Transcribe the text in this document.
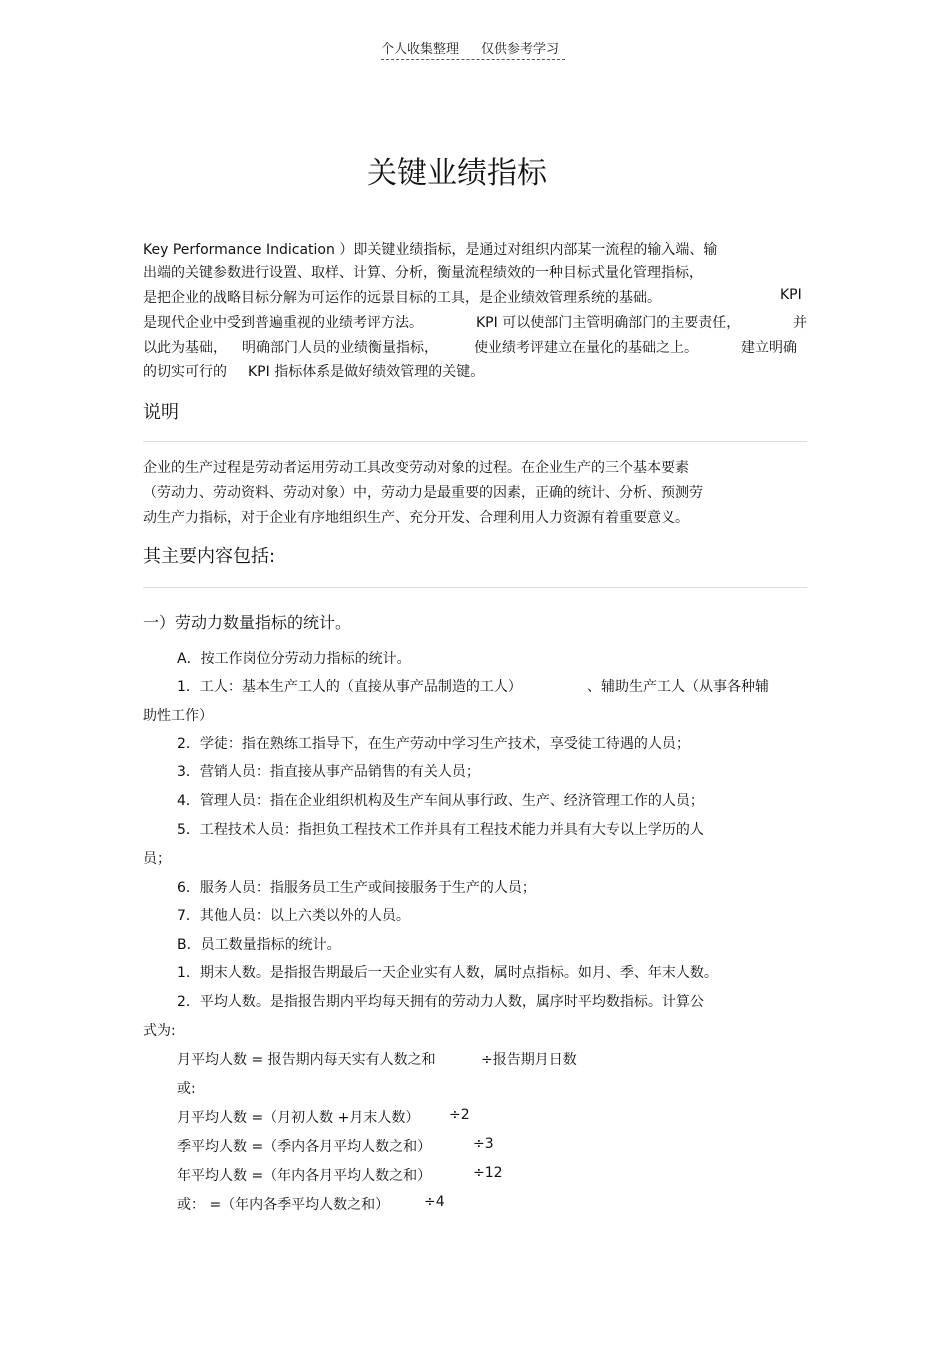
个人收集整理 仅供参考学习
关键业绩指标
Key Performance Indication ）即关键业绩指标，是通过对组织内部某一流程的输入端、输
出端的关键参数进行设置、取样、计算、分析，衡量流程绩效的一种目标式量化管理指标，
是把企业的战略目标分解为可运作的远景目标的工具，是企业绩效管理系统的基础。	KPI
是现代企业中受到普遍重视的业绩考评方法。	KPI 可以使部门主管明确部门的主要责任，	并
以此为基础， 明确部门人员的业绩衡量指标，	使业绩考评建立在量化的基础之上。	建立明确
的切实可行的 KPI 指标体系是做好绩效管理的关键。
说明
企业的生产过程是劳动者运用劳动工具改变劳动对象的过程。在企业生产的三个基本要素
（劳动力、劳动资料、劳动对象）中，劳动力是最重要的因素，正确的统计、分析、预测劳
动生产力指标，对于企业有序地组织生产、充分开发、合理利用人力资源有着重要意义。
其主要内容包括:
一）劳动力数量指标的统计。
A．按工作岗位分劳动力指标的统计。
1．工人：基本生产工人的（直接从事产品制造的工人）	、辅助生产工人（从事各种辅
助性工作）
2．学徒：指在熟练工指导下，在生产劳动中学习生产技术，享受徒工待遇的人员；
3．营销人员：指直接从事产品销售的有关人员；
4．管理人员：指在企业组织机构及生产车间从事行政、生产、经济管理工作的人员；
5．工程技术人员：指担负工程技术工作并具有工程技术能力并具有大专以上学历的人
员；
6．服务人员：指服务员工生产或间接服务于生产的人员；
7．其他人员：以上六类以外的人员。
B．员工数量指标的统计。
1．期末人数。是指报告期最后一天企业实有人数，属时点指标。如月、季、年末人数。
2．平均人数。是指报告期内平均每天拥有的劳动力人数，属序时平均数指标。计算公
式为:
月平均人数 = 报告期内每天实有人数之和	÷报告期月日数
或:
月平均人数 =（月初人数 +月末人数） ÷2
季平均人数 =（季内各月平均人数之和）	÷3
年平均人数 =（年内各月平均人数之和）	÷12
或： =（年内各季平均人数之和） ÷4
